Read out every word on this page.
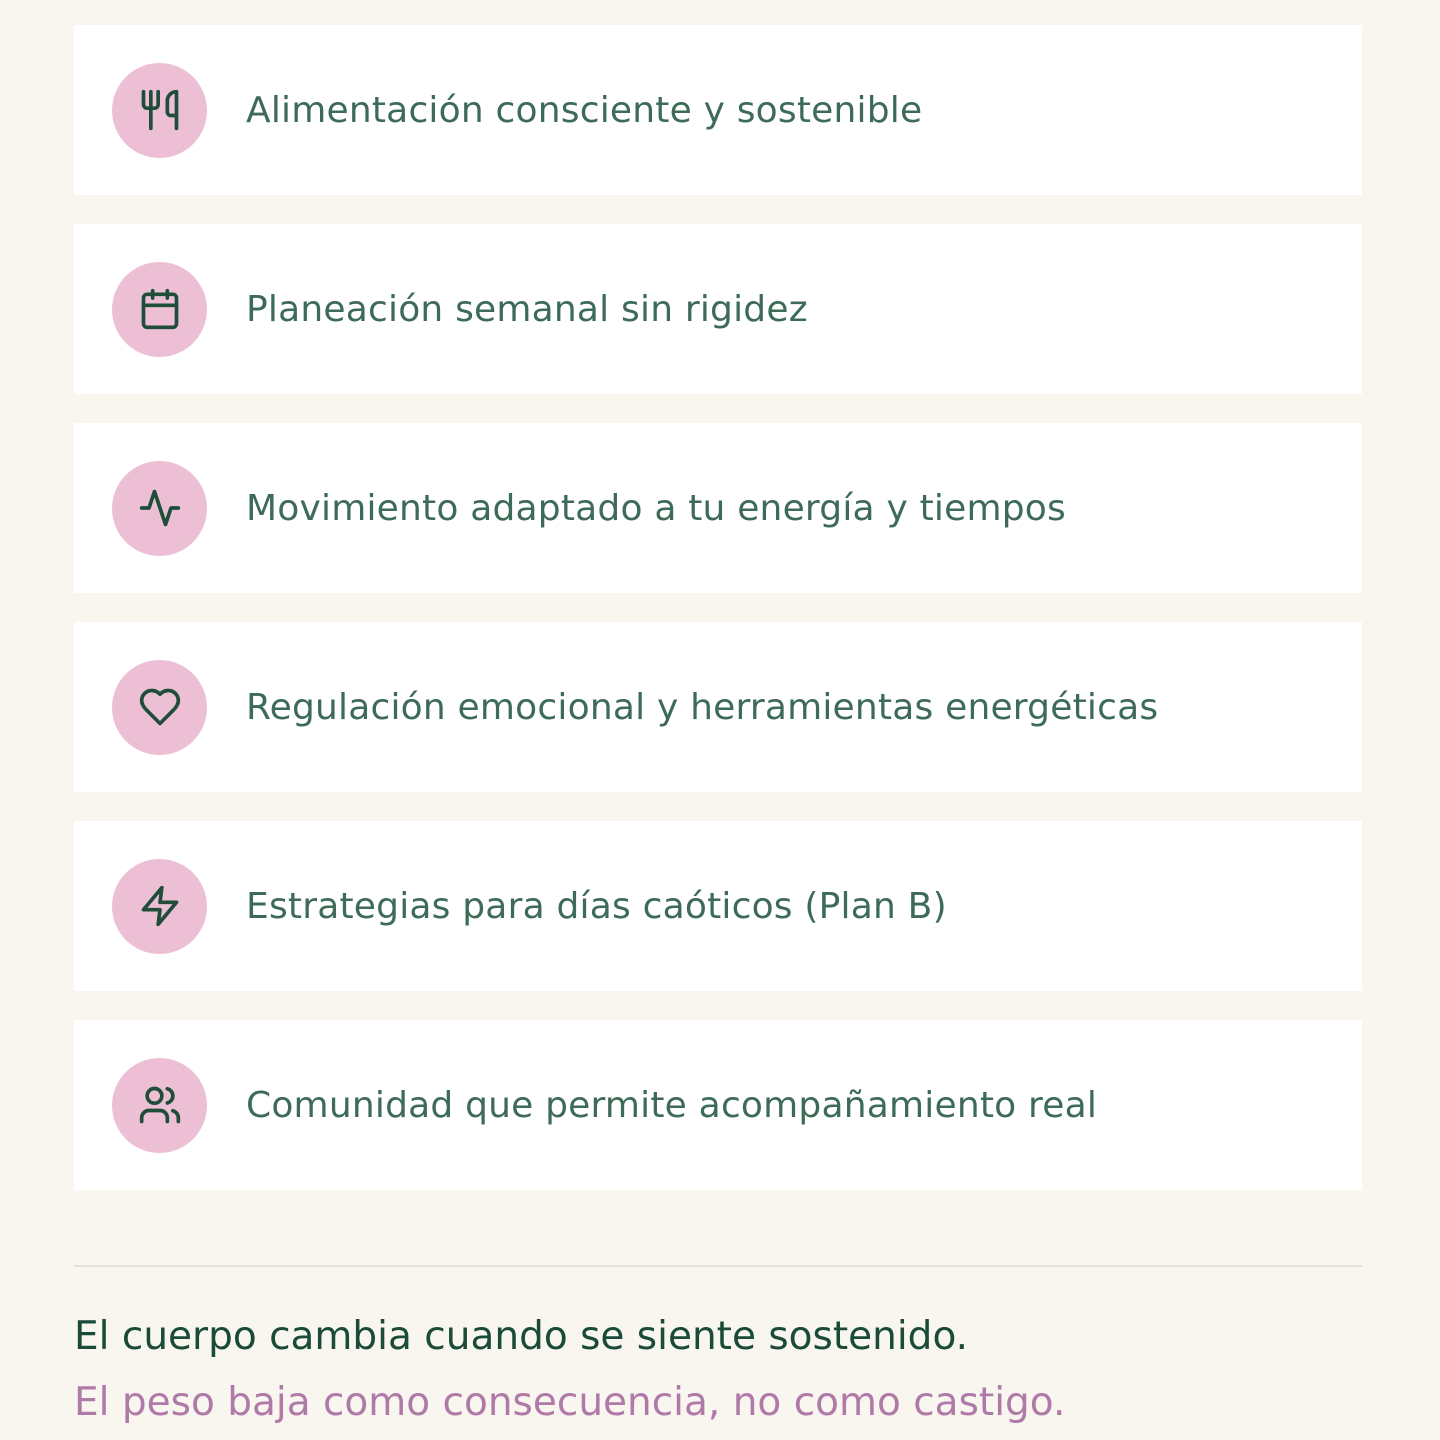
Alimentación consciente y sostenible
Planeación semanal sin rigidez
Movimiento adaptado a tu energía y tiempos
Regulación emocional y herramientas energéticas
Estrategias para días caóticos (Plan B)
Comunidad que permite acompañamiento real

El cuerpo cambia cuando se siente sostenido.

El peso baja como consecuencia, no como castigo.
